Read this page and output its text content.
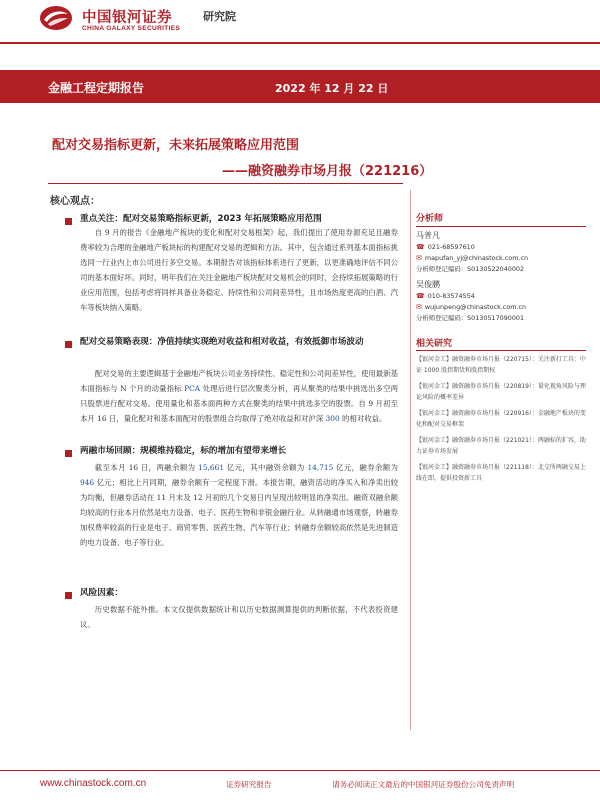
中国银河证券
CHINA GALAXY SECURITIES
研究院
金融工程定期报告	2022 年 12 月 22 日
配对交易指标更新，未来拓展策略应用范围
——融资融券市场月报（221216）
核心观点：
重点关注：配对交易策略指标更新，2023 年拓展策略应用范围

自 9 月的报告《金融地产板块的变化和配对交易框架》起，我们提出了使用券源充足且融券费率较为合理的金融地产板块标的构建配对交易的逻辑和方法。其中，包含通过系列基本面指标挑选同一行业内上市公司进行多空交易。本期报告对该指标体系进行了更新，以更准确地评估不同公司的基本面好坏。同时，明年我们在关注金融地产板块配对交易机会的同时，会持续拓展策略的行业应用范围，包括考虑将同样具备业务稳定、持续性和公司间差异性，且市场热度更高的白酒、汽车等板块纳入策略。

配对交易策略表现：净值持续实现绝对收益和相对收益，有效抵御市场波动

配对交易的主要逻辑基于金融地产板块公司业务持续性、稳定性和公司间差异性，使用最新基本面指标与 N 个月的动量指标 PCA 处理后进行层次聚类分析，再从聚类的结果中挑选出多空两只股票进行配对交易。使用量化和基本面两种方式在聚类的结果中挑选多空的股票。自 9 月初至本月 16 日，量化配对和基本面配对的股票组合均取得了绝对收益和对沪深 300 的相对收益。

两融市场回顾：规模维持稳定，标的增加有望带来增长

截至本月 16 日，两融余额为 15,661 亿元，其中融资余额为 14,715 亿元，融券余额为 946 亿元；相比上月同期，融券余额有一定程度下滑。本报告期，融资活动的净买入和净卖出较为均衡，但融券活动在 11 月末及 12 月初的几个交易日内呈现出较明显的净卖出。融资双融余额均较高的行业本月依然是电力设备、电子、医药生物和非银金融行业。从转融通市场观察，转融券加权费率较高的行业是电子、商贸零售、医药生物、汽车等行业；转融券余额较高依然是先进制造的电力设备、电子等行业。

风险因素：

历史数据不能外推。本文仅提供数据统计和以历史数据测算提供的判断依据，不代表投资建议。

分析师
马普凡
☎ 021-68597610
✉ mapufan_yj@chinastock.com.cn
分析师登记编码：S0130522040002
吴俊鹏
☎ 010-83574554
✉ wujunpeng@chinastock.com.cn
分析师登记编码：S0130517090001
相关研究
【银河金工】融资融券市场月报（220715）：关注新打工具：中证 1000 股指期货和股指期权
【银河金工】融资融券市场月报（220819）：量化视角风险与理论风险的概率差异
【银河金工】融资融券市场月报（220916）：金融地产板块的变化和配对交易框架
【银河金工】融资融券市场月报（221021）：两融标的扩容，助力证券市场发展
【银河金工】融资融券市场月报（221118）：北交所两融交易上线在即，提供投资新工具
www.chinastock.com.cn	证券研究报告	请务必阅读正文最后的中国银河证券股份公司免责声明
